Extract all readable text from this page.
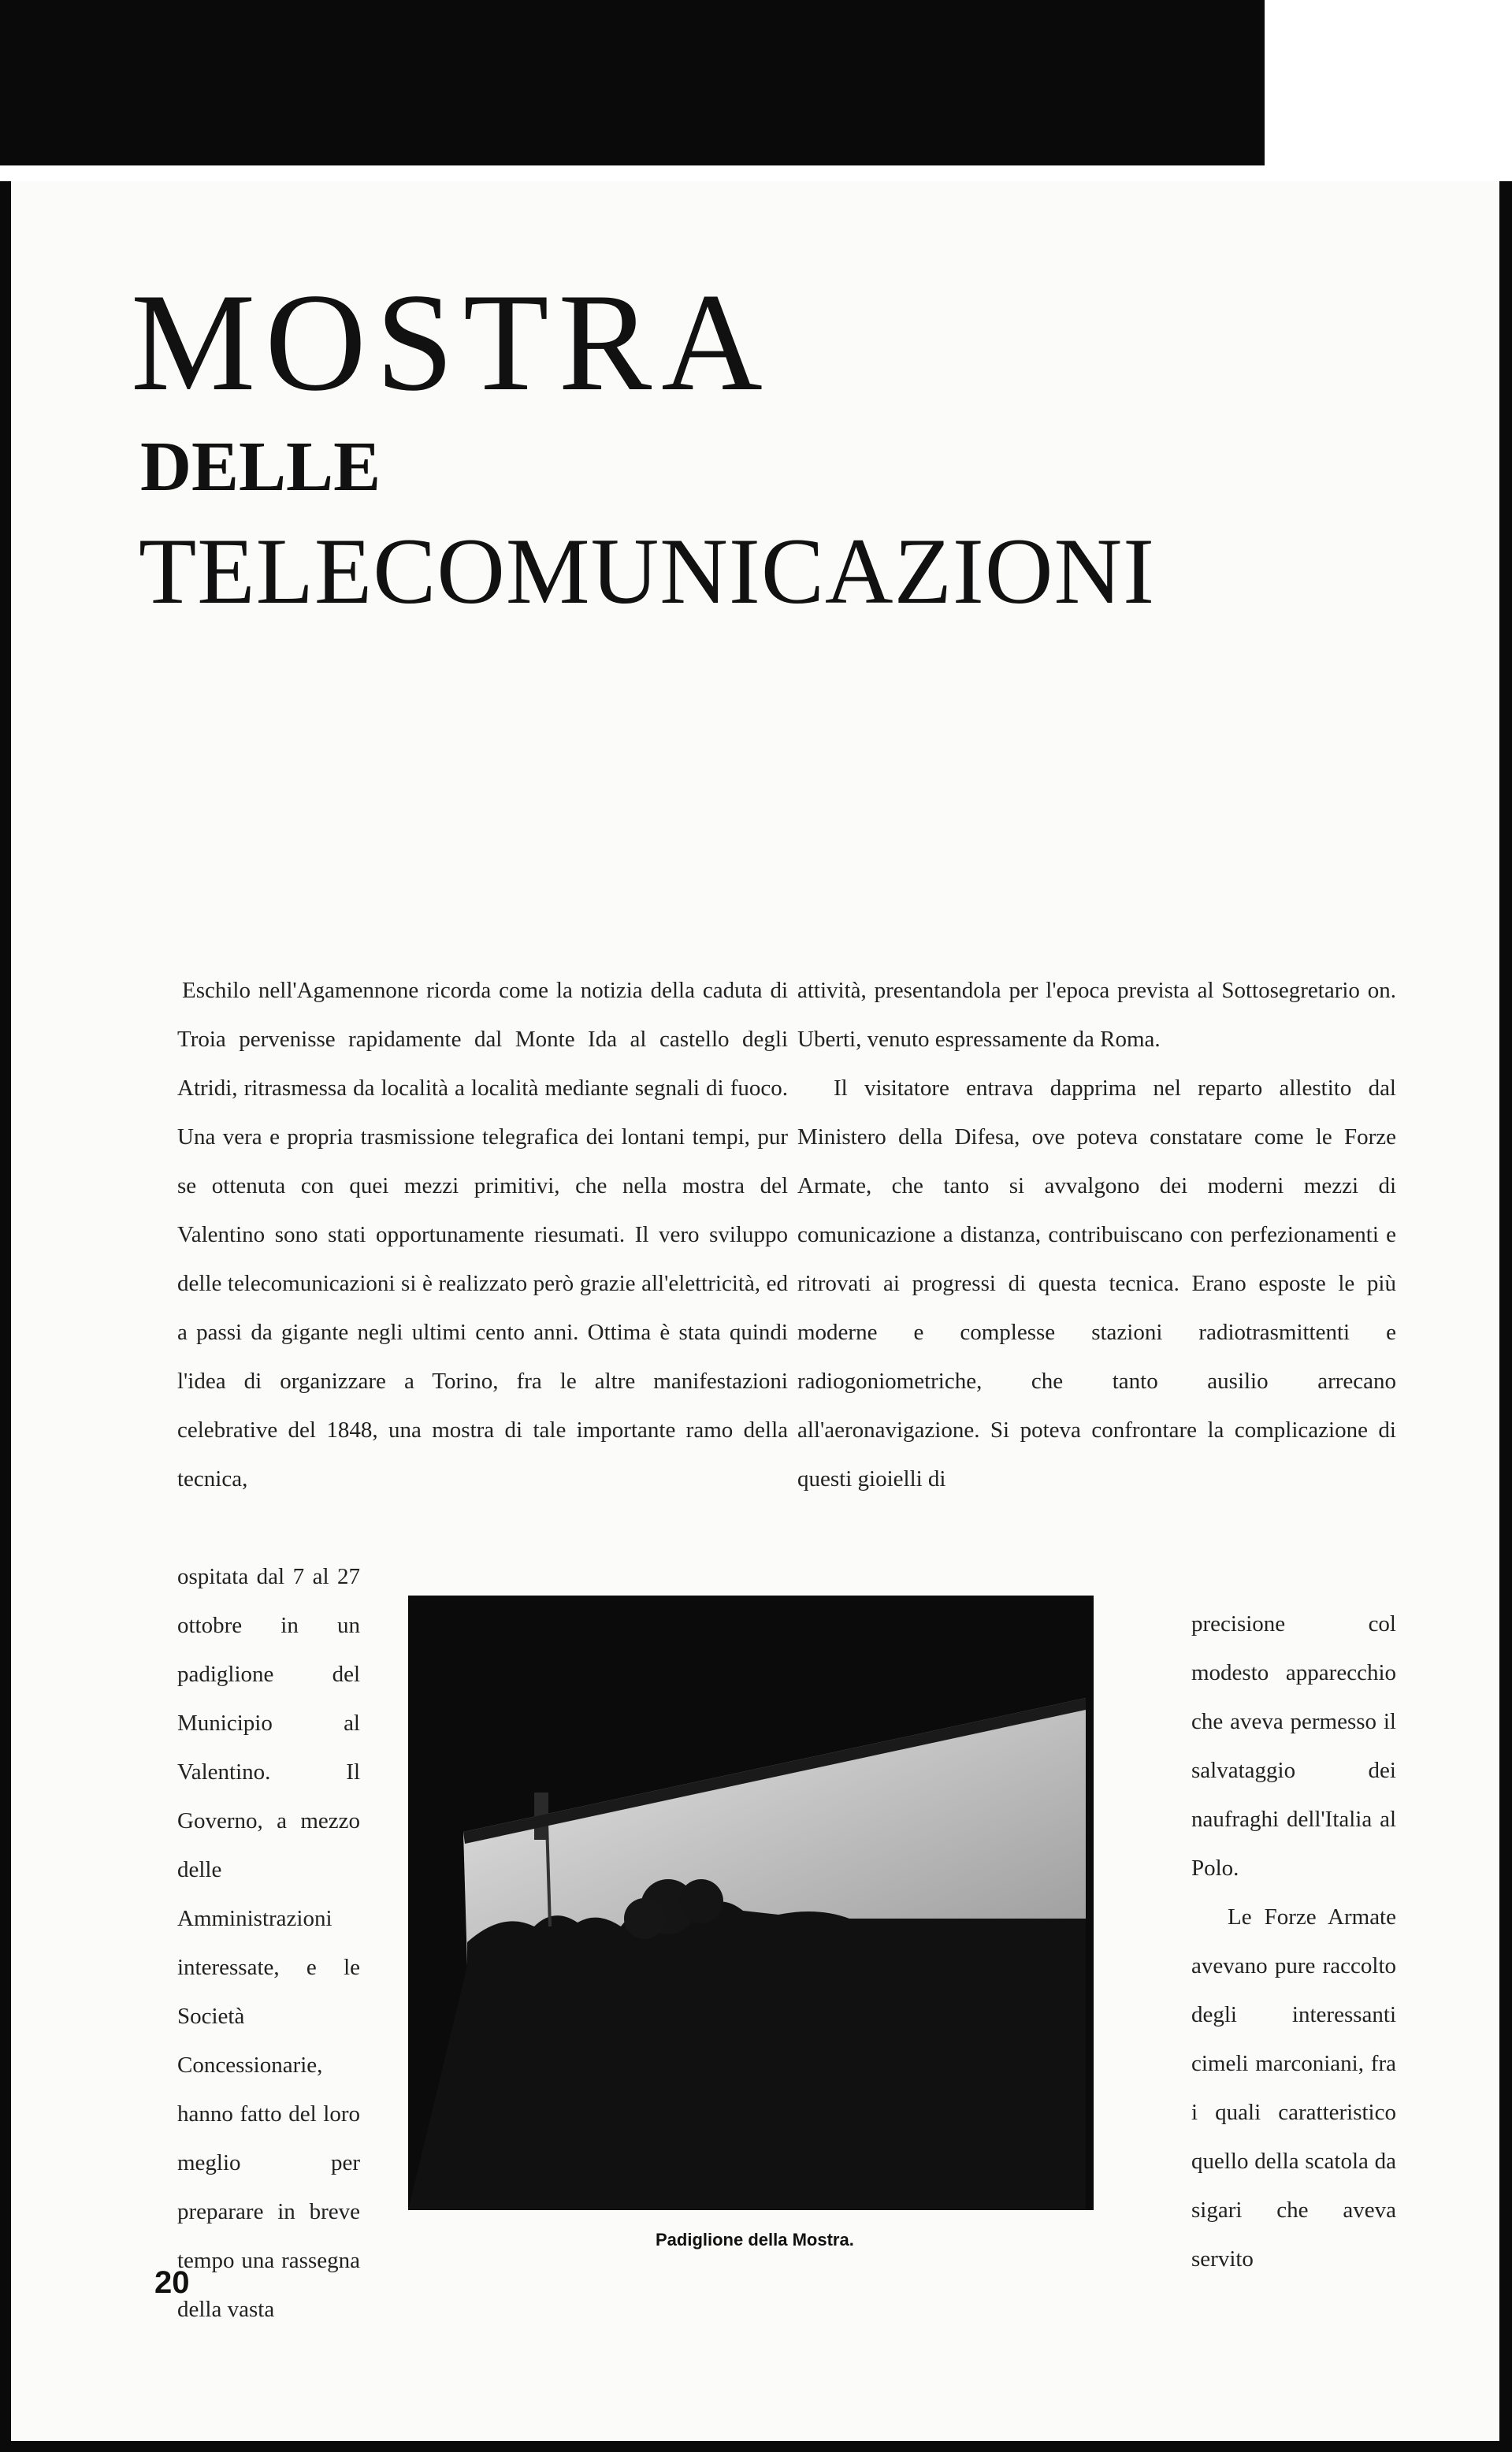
MOSTRA
DELLE
TELECOMUNICAZIONI

Eschilo nell'Agamennone ricorda come la notizia della caduta di Troia pervenisse rapidamente dal Monte Ida al castello degli Atridi, ritrasmessa da località a località mediante segnali di fuoco. Una vera e propria trasmissione telegrafica dei lontani tempi, pur se ottenuta con quei mezzi primitivi, che nella mostra del Valentino sono stati opportunamente riesumati. Il vero sviluppo delle telecomunicazioni si è realizzato però grazie all'elettricità, ed a passi da gigante negli ultimi cento anni. Ottima è stata quindi l'idea di organizzare a Torino, fra le altre manifestazioni celebrative del 1848, una mostra di tale importante ramo della tecnica,

ospitata dal 7 al 27 ottobre in un padiglione del Municipio al Valentino. Il Governo, a mezzo delle Amministrazioni interessate, e le Società Concessionarie, hanno fatto del loro meglio per preparare in breve tempo una rassegna della vasta

attività, presentandola per l'epoca prevista al Sottosegretario on. Uberti, venuto espressamente da Roma.

Il visitatore entrava dapprima nel reparto allestito dal Ministero della Difesa, ove poteva constatare come le Forze Armate, che tanto si avvalgono dei moderni mezzi di comunicazione a distanza, contribuiscano con perfezionamenti e ritrovati ai progressi di questa tecnica. Erano esposte le più moderne e complesse stazioni radiotrasmittenti e radiogoniometriche, che tanto ausilio arrecano all'aeronavigazione. Si poteva confrontare la complicazione di questi gioielli di

precisione col modesto apparecchio che aveva permesso il salvataggio dei naufraghi dell'Italia al Polo.

Le Forze Armate avevano pure raccolto degli interessanti cimeli marconiani, fra i quali caratteristico quello della scatola da sigari che aveva servito

Padiglione della Mostra.

20
